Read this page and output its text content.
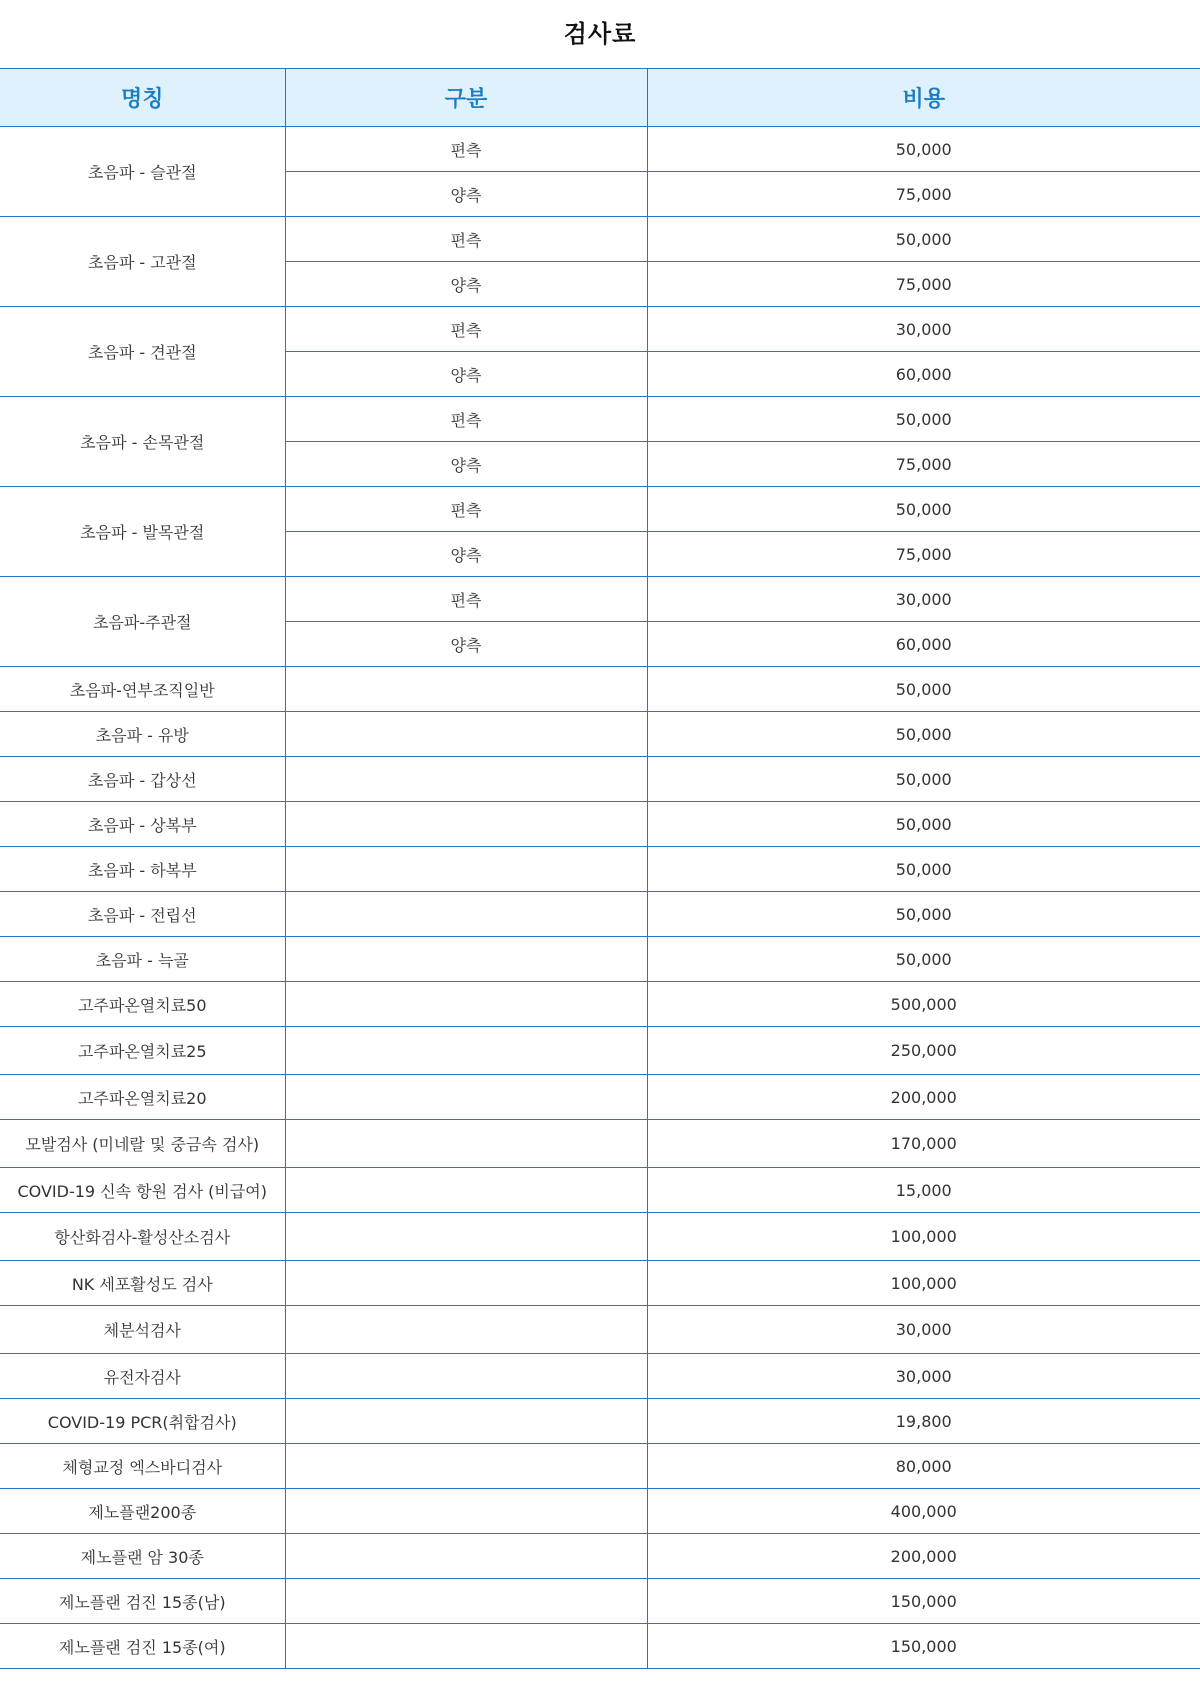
검사료
명칭	구분	비용
초음파 - 슬관절	편측	50,000
	양측	75,000
초음파 - 고관절	편측	50,000
	양측	75,000
초음파 - 견관절	편측	30,000
	양측	60,000
초음파 - 손목관절	편측	50,000
	양측	75,000
초음파 - 발목관절	편측	50,000
	양측	75,000
초음파-주관절	편측	30,000
	양측	60,000
초음파-연부조직일반		50,000
초음파 - 유방		50,000
초음파 - 갑상선		50,000
초음파 - 상복부		50,000
초음파 - 하복부		50,000
초음파 - 전립선		50,000
초음파 - 늑골		50,000
고주파온열치료50		500,000
고주파온열치료25		250,000
고주파온열치료20		200,000
모발검사 (미네랄 및 중금속 검사)		170,000
COVID-19 신속 항원 검사 (비급여)		15,000
항산화검사-활성산소검사		100,000
NK 세포활성도 검사		100,000
체분석검사		30,000
유전자검사		30,000
COVID-19 PCR(취합검사)		19,800
체형교정 엑스바디검사		80,000
제노플랜200종		400,000
제노플랜 암 30종		200,000
제노플랜 검진 15종(남)		150,000
제노플랜 검진 15종(여)		150,000
